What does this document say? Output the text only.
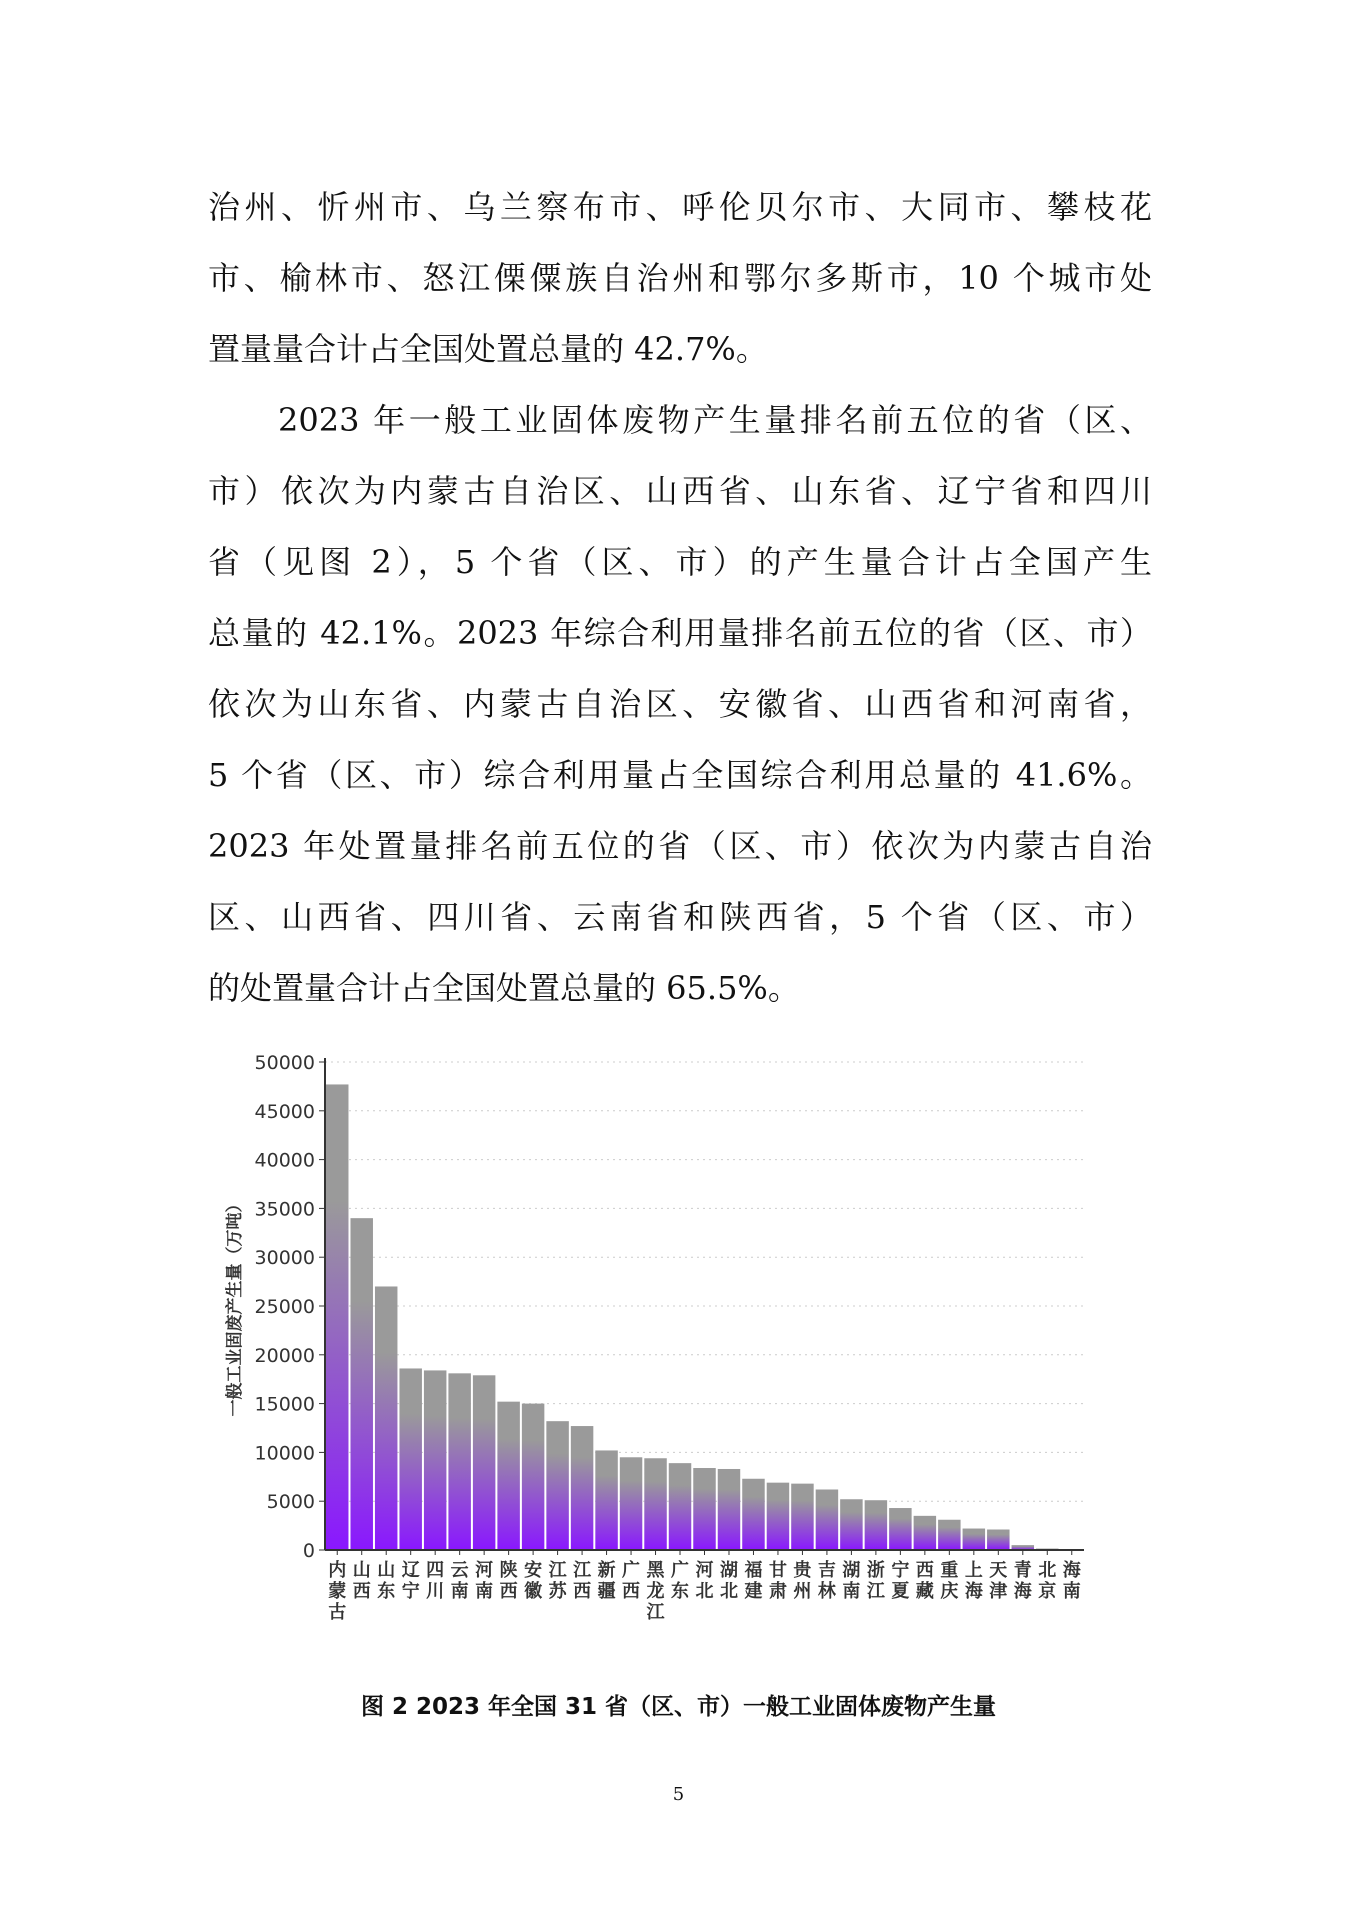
治州、忻州市、乌兰察布市、呼伦贝尔市、大同市、攀枝花
市、榆林市、怒江傈僳族自治州和鄂尔多斯市，10 个城市处
置量量合计占全国处置总量的 42.7%。
2023 年一般工业固体废物产生量排名前五位的省（区、
市）依次为内蒙古自治区、山西省、山东省、辽宁省和四川
省（见图 2），5 个省（区、市）的产生量合计占全国产生
总量的 42.1%。2023 年综合利用量排名前五位的省（区、市）
依次为山东省、内蒙古自治区、安徽省、山西省和河南省，
5 个省（区、市）综合利用量占全国综合利用总量的 41.6%。
2023 年处置量排名前五位的省（区、市）依次为内蒙古自治
区、山西省、四川省、云南省和陕西省，5 个省（区、市）
的处置量合计占全国处置总量的 65.5%。
0
5000
10000
15000
20000
25000
30000
35000
40000
45000
50000
内
蒙
古
山
西
山
东
辽
宁
四
川
云
南
河
南
陕
西
安
徽
江
苏
江
西
新
疆
广
西
黑
龙
江
广
东
河
北
湖
北
福
建
甘
肃
贵
州
吉
林
湖
南
浙
江
宁
夏
西
藏
重
庆
上
海
天
津
青
海
北
京
海
南
一般工业固废产生量（万吨）
图 2 2023 年全国 31 省（区、市）一般工业固体废物产生量
5
